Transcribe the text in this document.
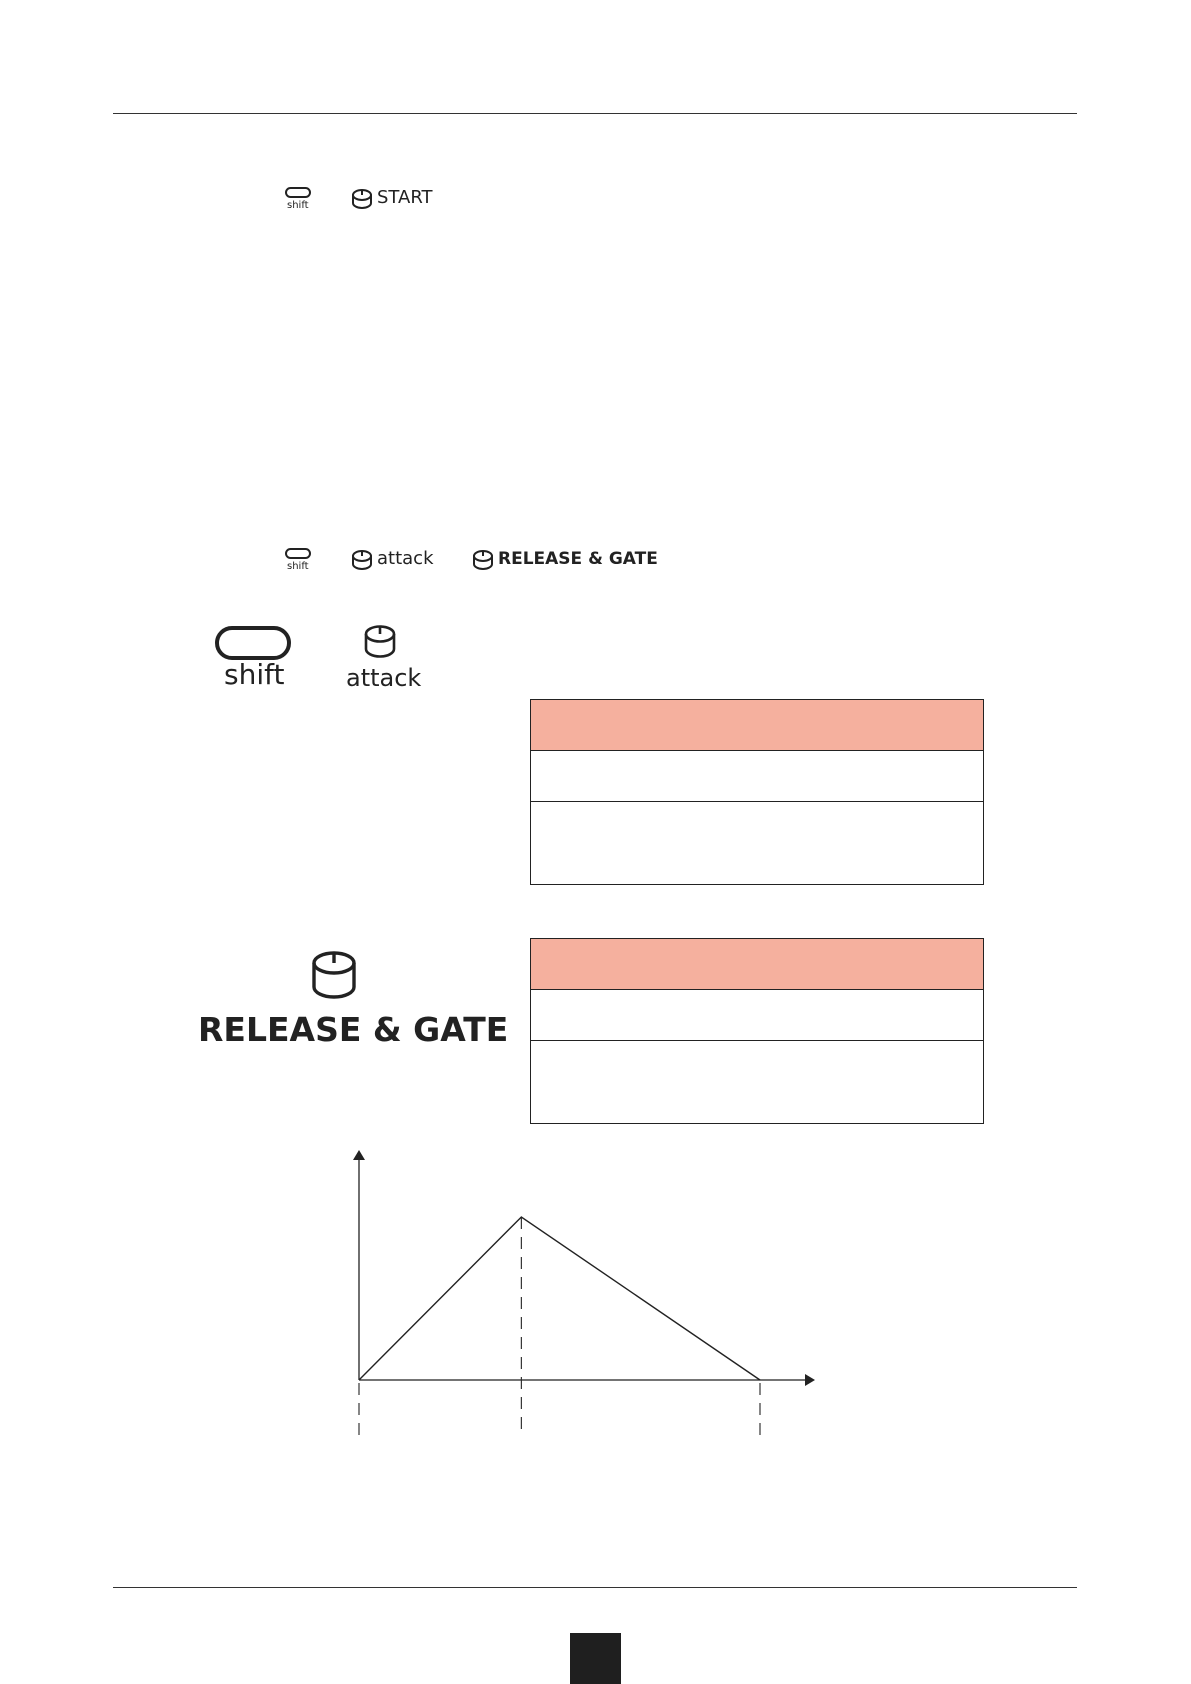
shift	START
shift	attack	RELEASE & GATE
shift	attack
RELEASE & GATE
